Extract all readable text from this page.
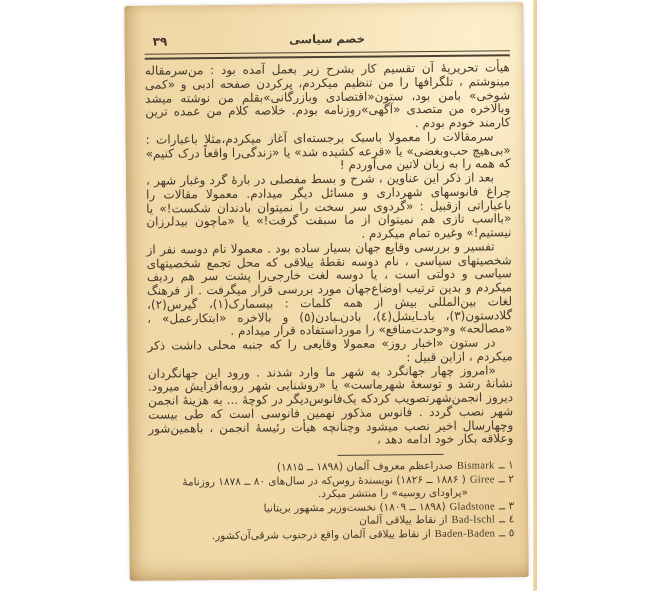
۳۹	خصم سیاسی

هیأت تحریریهٔ آن تقسیم کار بشرح زیر بعمل آمده بود : من‌سرمقاله مینوشتم ، تلگرافها را من تنظیم میکردم، پرکردن صفحه ادبی و «کمی شوخی» بامن بود، ستون«اقتصادی وبازرگانی»بقلم من نوشته میشد وبالاخره من متصدی «آگهی»روزنامه بودم. خلاصه کلام من عمده ترین کارمند خودم بودم .

سرمقالات را معمولا باسبک برجسته‌ای آغاز میکردم،مثلا باعبارات : «بی‌هیچ حب‌وبغضی» یا «قرعه کشیده شد» یا «زندگی‌را واقعاً درک کنیم» که همه را به زبان لاتین می‌آوردم !

بعد از ذکر این عناوین ، شرح و بسط مفصلی در بارهٔ گرد وغبار شهر ، چراغ فانوسهای شهرداری و مسائل دیگر میدادم. معمولا مقالات را باعباراتی ازقبیل : «گردوی سر سخت را نمیتوان بادندان شکست!» یا «بااسب تازی هم نمیتوان از ما سبقت گرفت!» یا «ماچون بیدلرزان نیستیم!» وغیره تمام میکردم .

تفسیر و بررسی وقایع جهان بسیار ساده بود . معمولا نام دوسه نفر از شخصیتهای سیاسی ، نام دوسه نقطهٔ ییلاقی که محل تجمع شخصیتهای سیاسی و دولتی است ، یا دوسه لغت خارجی‌را پشت سر هم ردیف میکردم و بدین ترتیب اوضاع‌جهان مورد بررسی قرار میگرفت . از فرهنگ لغات بین‌المللی بیش از همه کلمات : بیسمارک(۱)، گیرس(۲)، گلادستون(۳)، بادـایشل(٤)، بادن‌ـبادن(٥) و بالاخره «ابتکارعمل» ، «مصالحه» و«وحدت‌منافع» را مورداستفاده قرار میدادم .

در ستون «اخبار روز» معمولا وقایعی را که جنبه محلی داشت ذکر میکردم ، ازاین قبیل :

«امروز چهار جهانگرد به شهر ما وارد شدند . ورود این جهانگردان نشانهٔ رشد و توسعهٔ شهرماست» یا «روشنایی شهر روبه‌افزایش میرود. دیروز انجمن‌شهرتصویب کردکه یک‌فانوس‌دیگر در کوچهٔ ... به هزینهٔ انجمن شهر نصب گردد . فانوس مذکور نهمین فانوسی است که طی بیست وچهارسال اخیر نصب میشود وچنانچه هیأت رئیسهٔ انجمن ، باهمین‌شور وعلاقه بکار خود ادامه دهد ،

۱ ــBismarkصدراعظم معروف آلمان (۱۸۹۸ ــ ۱۸۱۵)

۲ ــGiree( ۱۸۸۶ ــ ۱۸۲۶) نویسندهٔ روس‌که در سال‌های ۸۰ ــ ۱۸۷۸ روزنامهٔ «پراودای روسیه» را منتشر میکرد.

۳ ــGladstone(۱۸۹۸ ــ ۱۸۰۹) نخست‌وزیر مشهور بریتانیا

٤ ــBad-Ischlاز نقاط ییلاقی آلمان

٥ ــBaden-Badenاز نقاط ییلاقی آلمان واقع درجنوب شرقی‌آن‌کشور.
